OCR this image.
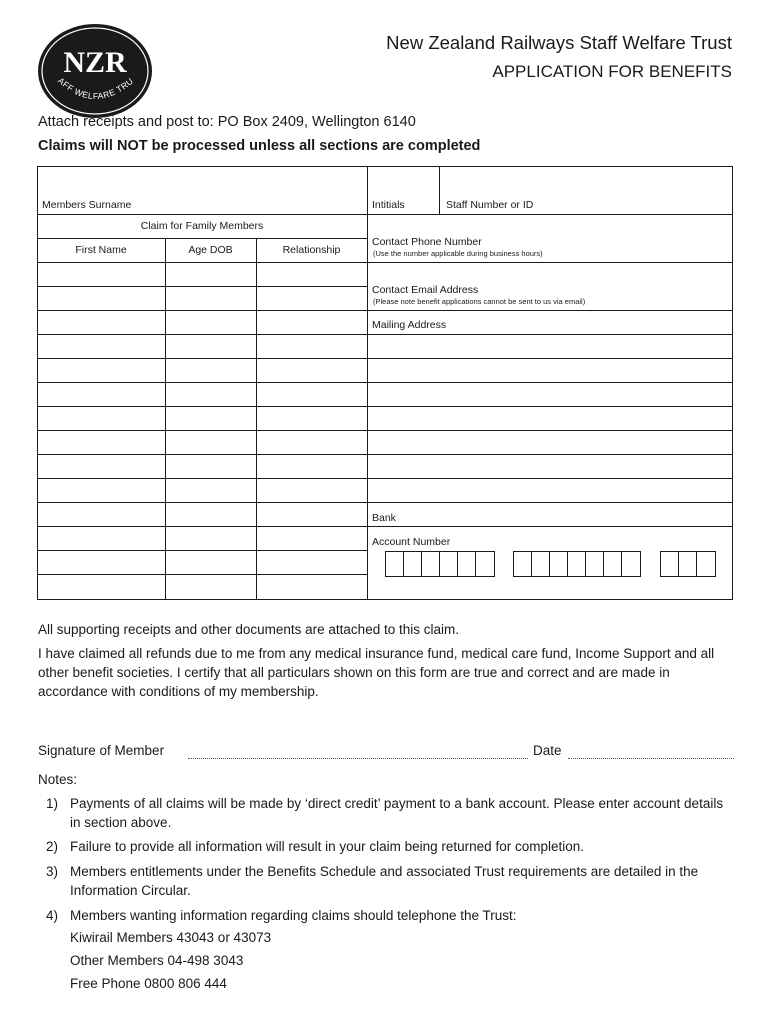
NZR
AFF WELFARE TRU
New Zealand Railways Staff Welfare Trust
APPLICATION FOR BENEFITS
Attach receipts and post to: PO Box 2409, Wellington 6140
Claims will NOT be processed unless all sections are completed
Members Surname	Intitials	Staff Number or ID
Claim for Family Members
First Name	Age DOB	Relationship
Contact Phone Number
(Use the number applicable during business hours)
Contact Email Address
(Please note benefit applications cannot be sent to us via email)
Mailing Address
Bank
Account Number
All supporting receipts and other documents are attached to this claim.
I have claimed all refunds due to me from any medical insurance fund, medical care fund, Income Support and all other benefit societies. I certify that all particulars shown on this form are true and correct and are made in accordance with conditions of my membership.
Signature of Member	Date
Notes:
1) Payments of all claims will be made by ‘direct credit’ payment to a bank account. Please enter account details in section above.
2) Failure to provide all information will result in your claim being returned for completion.
3) Members entitlements under the Benefits Schedule and associated Trust requirements are detailed in the Information Circular.
4) Members wanting information regarding claims should telephone the Trust:
Kiwirail Members 43043 or 43073
Other Members 04-498 3043
Free Phone 0800 806 444
